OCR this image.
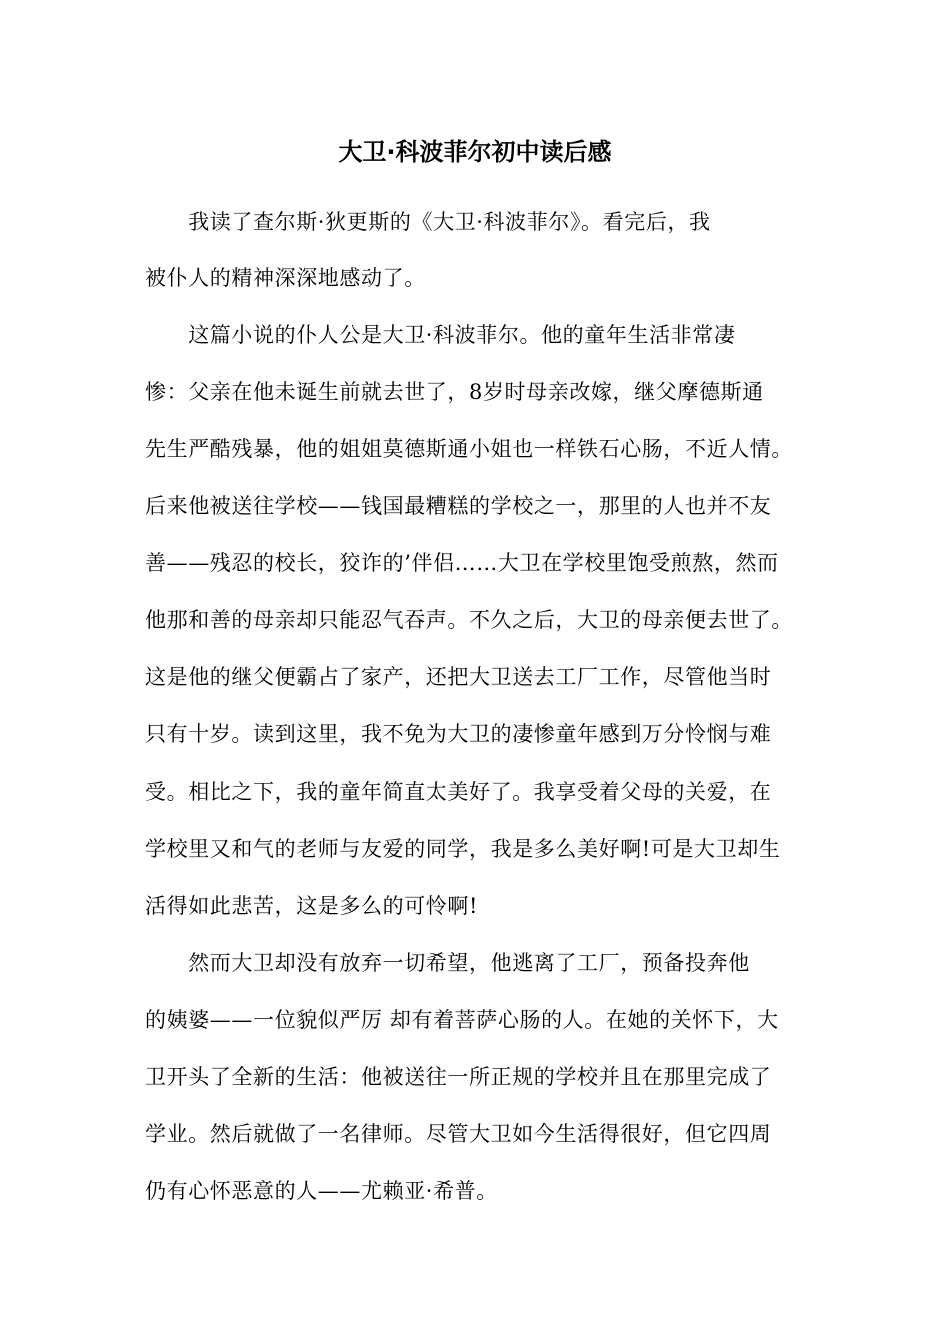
大卫·科波菲尔初中读后感
　　我读了查尔斯·狄更斯的《大卫·科波菲尔》。看完后，我
被仆人的精神深深地感动了。
　　这篇小说的仆人公是大卫·科波菲尔。他的童年生活非常凄
惨：父亲在他未诞生前就去世了，8岁时母亲改嫁，继父摩德斯通
先生严酷残暴，他的姐姐莫德斯通小姐也一样铁石心肠，不近人情。
后来他被送往学校——钱国最糟糕的学校之一，那里的人也并不友
善——残忍的校长，狡诈的’伴侣……大卫在学校里饱受煎熬，然而
他那和善的母亲却只能忍气吞声。不久之后，大卫的母亲便去世了。
这是他的继父便霸占了家产，还把大卫送去工厂工作，尽管他当时
只有十岁。读到这里，我不免为大卫的凄惨童年感到万分怜悯与难
受。相比之下，我的童年简直太美好了。我享受着父母的关爱，在
学校里又和气的老师与友爱的同学，我是多么美好啊!可是大卫却生
活得如此悲苦，这是多么的可怜啊!
　　然而大卫却没有放弃一切希望，他逃离了工厂，预备投奔他
的姨婆——一位貌似严厉 却有着菩萨心肠的人。在她的关怀下，大
卫开头了全新的生活：他被送往一所正规的学校并且在那里完成了
学业。然后就做了一名律师。尽管大卫如今生活得很好，但它四周
仍有心怀恶意的人——尤赖亚·希普。
